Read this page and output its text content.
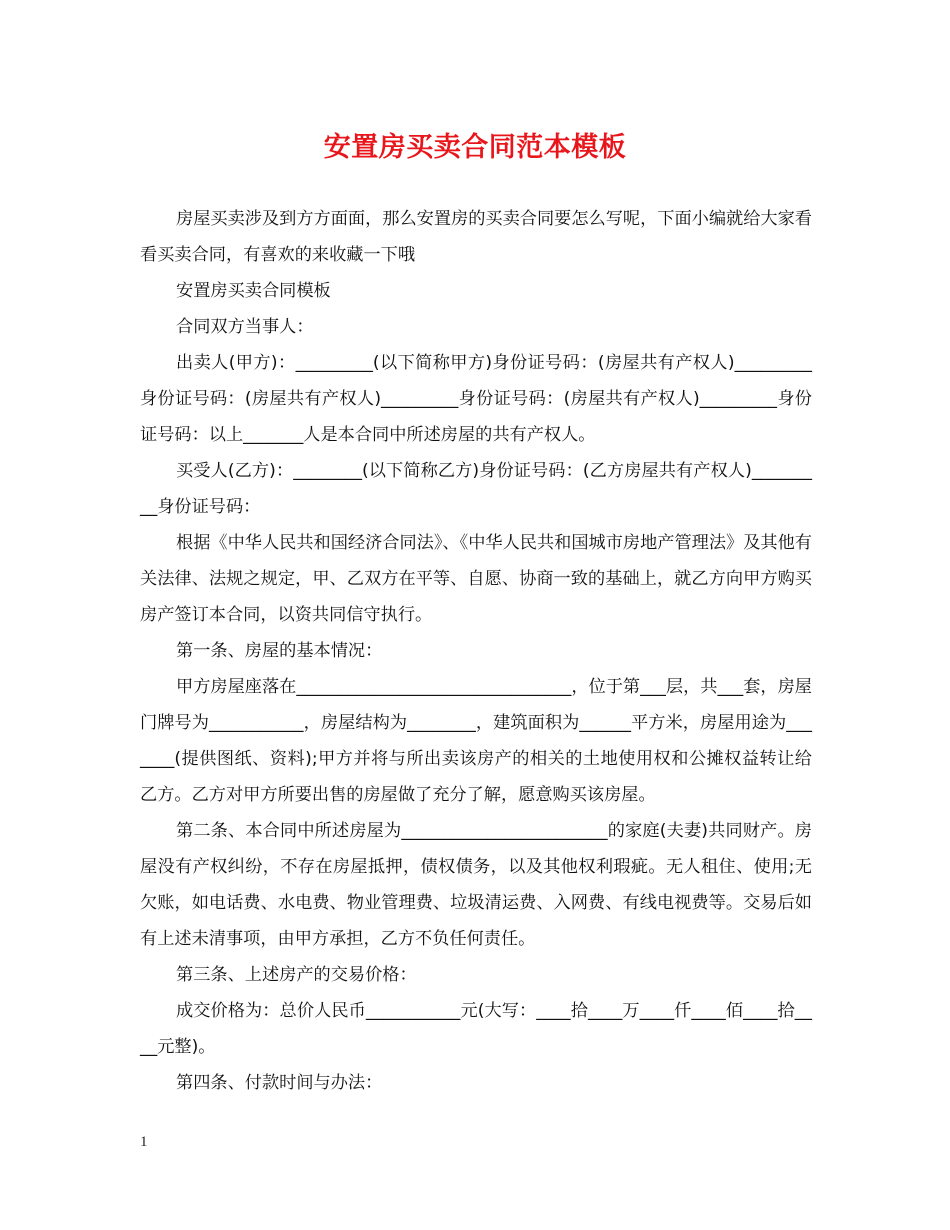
安置房买卖合同范本模板

房屋买卖涉及到方方面面，那么安置房的买卖合同要怎么写呢，下面小编就给大家看看买卖合同，有喜欢的来收藏一下哦

安置房买卖合同模板

合同双方当事人：

出卖人(甲方)：_________(以下简称甲方)身份证号码：(房屋共有产权人)_________身份证号码：(房屋共有产权人)_________身份证号码：(房屋共有产权人)_________身份证号码：以上_______人是本合同中所述房屋的共有产权人。

买受人(乙方)：________(以下简称乙方)身份证号码：(乙方房屋共有产权人)_________身份证号码：

根据《中华人民共和国经济合同法》、《中华人民共和国城市房地产管理法》及其他有关法律、法规之规定，甲、乙双方在平等、自愿、协商一致的基础上，就乙方向甲方购买房产签订本合同，以资共同信守执行。

第一条、房屋的基本情况：

甲方房屋座落在________________________________，位于第___层，共___套，房屋门牌号为___________，房屋结构为________，建筑面积为______平方米，房屋用途为_______(提供图纸、资料);甲方并将与所出卖该房产的相关的土地使用权和公摊权益转让给乙方。乙方对甲方所要出售的房屋做了充分了解，愿意购买该房屋。

第二条、本合同中所述房屋为________________________的家庭(夫妻)共同财产。房屋没有产权纠纷，不存在房屋抵押，债权债务，以及其他权利瑕疵。无人租住、使用;无欠账，如电话费、水电费、物业管理费、垃圾清运费、入网费、有线电视费等。交易后如有上述未清事项，由甲方承担，乙方不负任何责任。

第三条、上述房产的交易价格：

成交价格为：总价人民币___________元(大写：____拾____万____仟____佰____拾____元整)。

第四条、付款时间与办法：

1
